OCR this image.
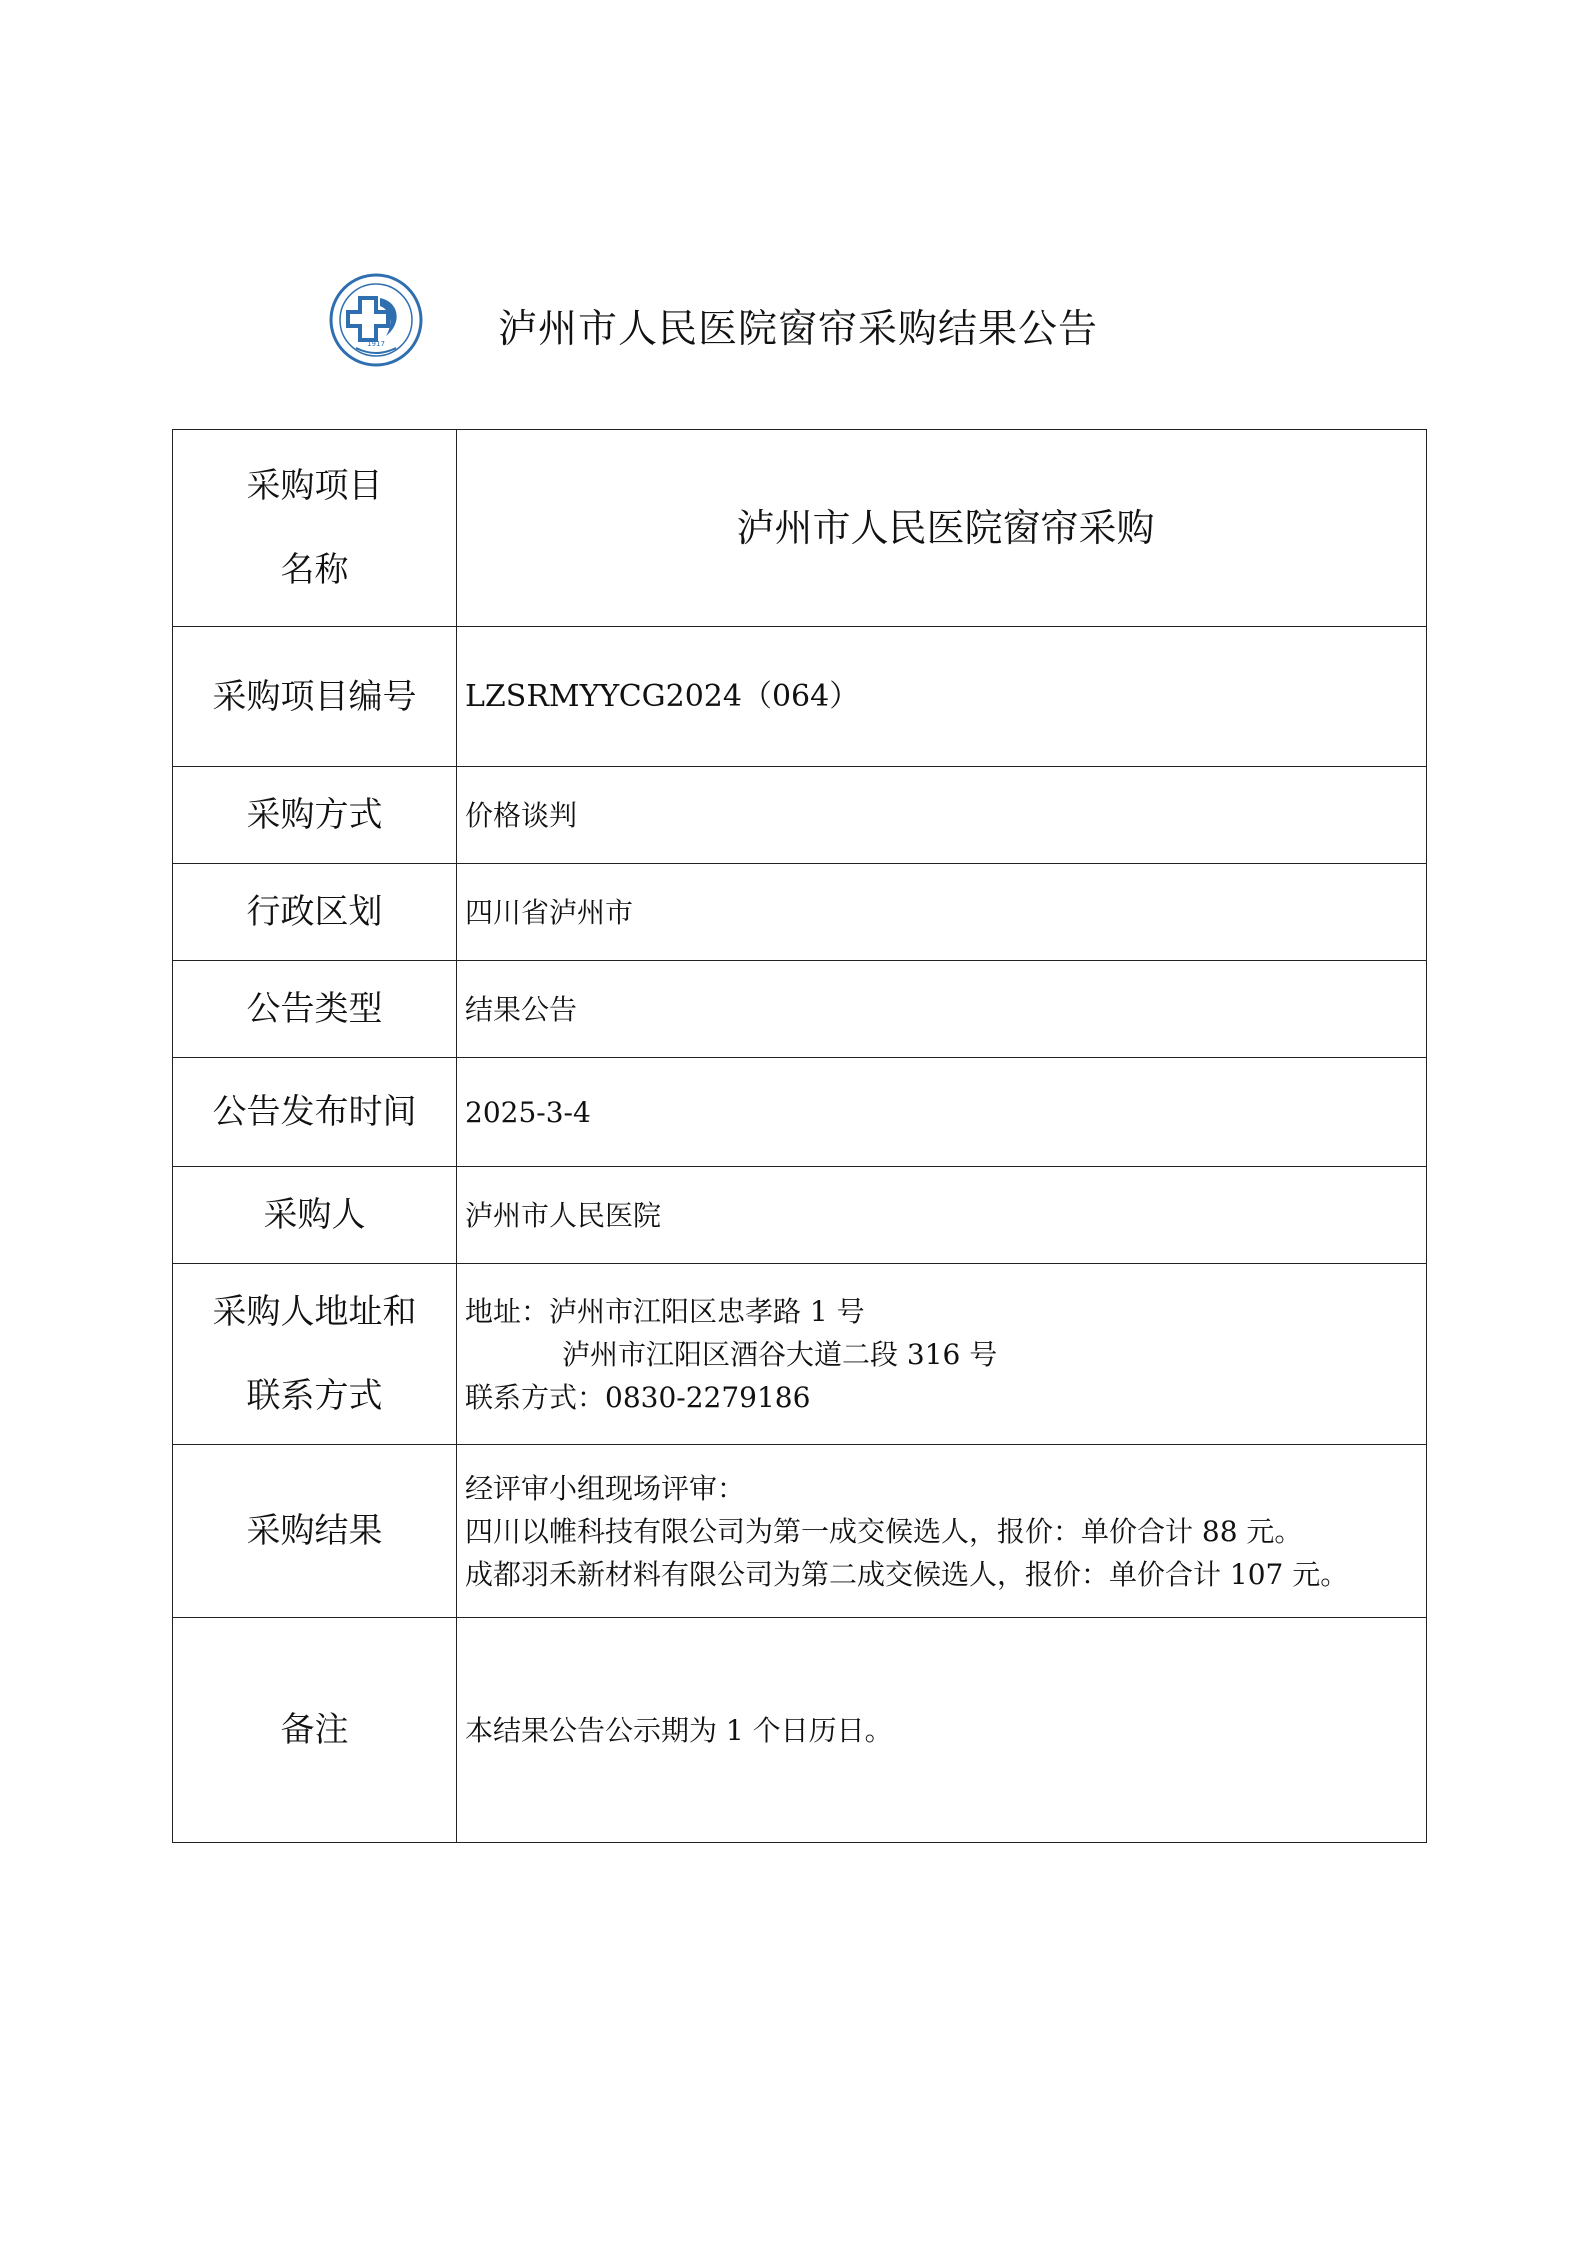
1917	泸州市人民医院窗帘采购结果公告
采购项目
名称	泸州市人民医院窗帘采购
采购项目编号	LZSRMYYCG2024（064）
采购方式	价格谈判
行政区划	四川省泸州市
公告类型	结果公告
公告发布时间	2025-3-4
采购人	泸州市人民医院

采购人地址和
联系方式	地址：泸州市江阳区忠孝路 1 号
泸州市江阳区酒谷大道二段 316 号
联系方式：0830-2279186

采购结果	经评审小组现场评审：
四川以帷科技有限公司为第一成交候选人，报价：单价合计 88 元。
成都羽禾新材料有限公司为第二成交候选人，报价：单价合计 107 元。

备注	本结果公告公示期为 1 个日历日。
